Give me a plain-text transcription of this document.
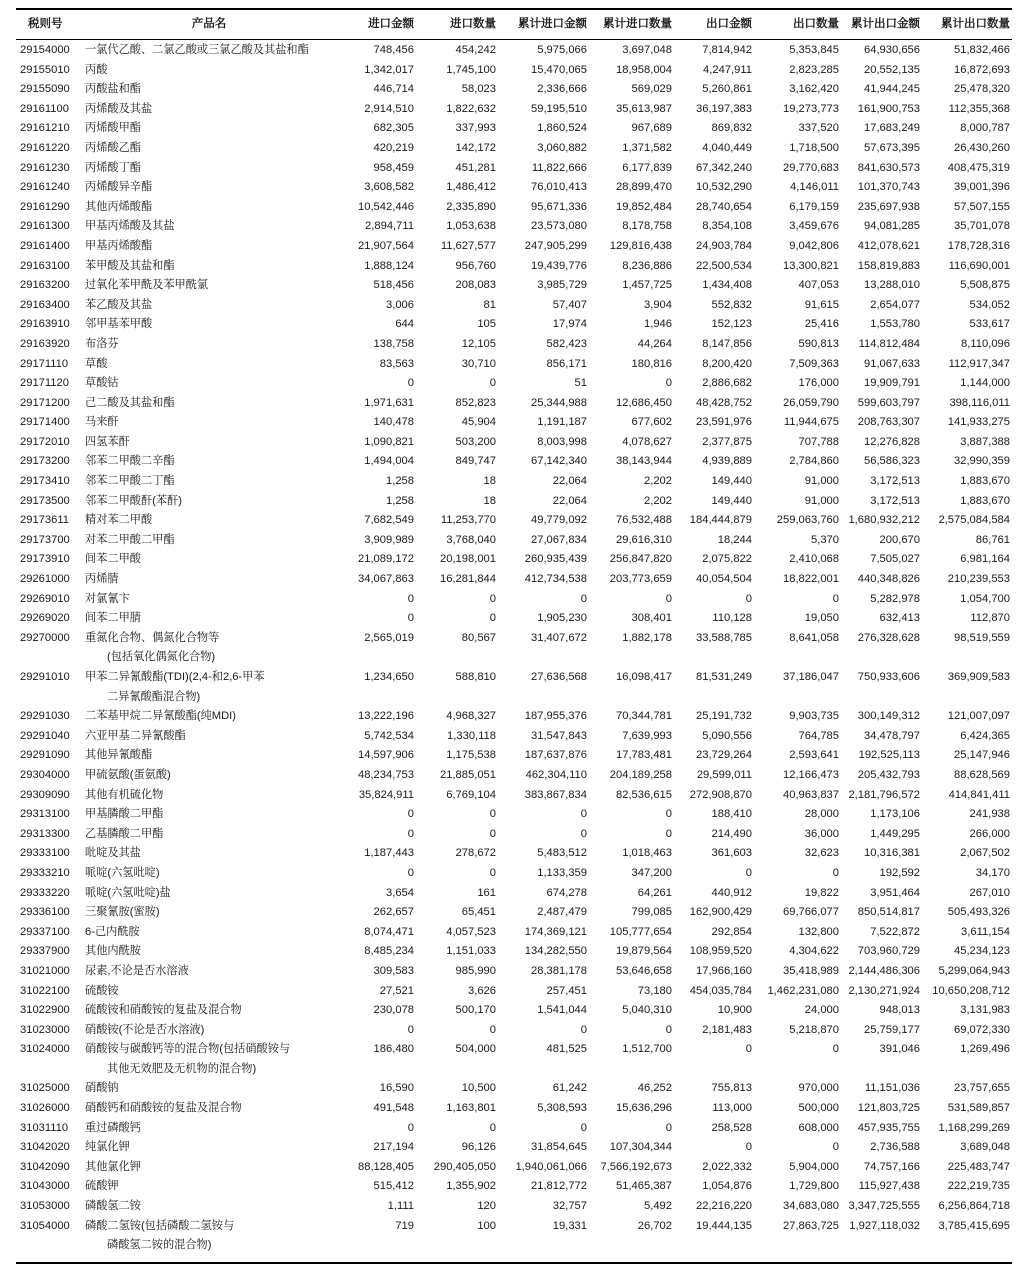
税则号	产品名	进口金额	进口数量	累计进口金额	累计进口数量	出口金额	出口数量	累计出口金额	累计出口数量
29154000	一氯代乙酸、二氯乙酸或三氯乙酸及其盐和酯	748,456	454,242	5,975,066	3,697,048	7,814,942	5,353,845	64,930,656	51,832,466
29155010	丙酸	1,342,017	1,745,100	15,470,065	18,958,004	4,247,911	2,823,285	20,552,135	16,872,693
29155090	丙酸盐和酯	446,714	58,023	2,336,666	569,029	5,260,861	3,162,420	41,944,245	25,478,320
29161100	丙烯酸及其盐	2,914,510	1,822,632	59,195,510	35,613,987	36,197,383	19,273,773	161,900,753	112,355,368
29161210	丙烯酸甲酯	682,305	337,993	1,860,524	967,689	869,832	337,520	17,683,249	8,000,787
29161220	丙烯酸乙酯	420,219	142,172	3,060,882	1,371,582	4,040,449	1,718,500	57,673,395	26,430,260
29161230	丙烯酸丁酯	958,459	451,281	11,822,666	6,177,839	67,342,240	29,770,683	841,630,573	408,475,319
29161240	丙烯酸异辛酯	3,608,582	1,486,412	76,010,413	28,899,470	10,532,290	4,146,011	101,370,743	39,001,396
29161290	其他丙烯酸酯	10,542,446	2,335,890	95,671,336	19,852,484	28,740,654	6,179,159	235,697,938	57,507,155
29161300	甲基丙烯酸及其盐	2,894,711	1,053,638	23,573,080	8,178,758	8,354,108	3,459,676	94,081,285	35,701,078
29161400	甲基丙烯酸酯	21,907,564	11,627,577	247,905,299	129,816,438	24,903,784	9,042,806	412,078,621	178,728,316
29163100	苯甲酸及其盐和酯	1,888,124	956,760	19,439,776	8,236,886	22,500,534	13,300,821	158,819,883	116,690,001
29163200	过氧化苯甲酰及苯甲酰氯	518,456	208,083	3,985,729	1,457,725	1,434,408	407,053	13,288,010	5,508,875
29163400	苯乙酸及其盐	3,006	81	57,407	3,904	552,832	91,615	2,654,077	534,052
29163910	邻甲基苯甲酸	644	105	17,974	1,946	152,123	25,416	1,553,780	533,617
29163920	布洛芬	138,758	12,105	582,423	44,264	8,147,856	590,813	114,812,484	8,110,096
29171110	草酸	83,563	30,710	856,171	180,816	8,200,420	7,509,363	91,067,633	112,917,347
29171120	草酸钴	0	0	51	0	2,886,682	176,000	19,909,791	1,144,000
29171200	己二酸及其盐和酯	1,971,631	852,823	25,344,988	12,686,450	48,428,752	26,059,790	599,603,797	398,116,011
29171400	马来酐	140,478	45,904	1,191,187	677,602	23,591,976	11,944,675	208,763,307	141,933,275
29172010	四氢苯酐	1,090,821	503,200	8,003,998	4,078,627	2,377,875	707,788	12,276,828	3,887,388
29173200	邻苯二甲酸二辛酯	1,494,004	849,747	67,142,340	38,143,944	4,939,889	2,784,860	56,586,323	32,990,359
29173410	邻苯二甲酸二丁酯	1,258	18	22,064	2,202	149,440	91,000	3,172,513	1,883,670
29173500	邻苯二甲酸酐(苯酐)	1,258	18	22,064	2,202	149,440	91,000	3,172,513	1,883,670
29173611	精对苯二甲酸	7,682,549	11,253,770	49,779,092	76,532,488	184,444,879	259,063,760	1,680,932,212	2,575,084,584
29173700	对苯二甲酸二甲酯	3,909,989	3,768,040	27,067,834	29,616,310	18,244	5,370	200,670	86,761
29173910	间苯二甲酸	21,089,172	20,198,001	260,935,439	256,847,820	2,075,822	2,410,068	7,505,027	6,981,164
29261000	丙烯腈	34,067,863	16,281,844	412,734,538	203,773,659	40,054,504	18,822,001	440,348,826	210,239,553
29269010	对氯氰卞	0	0	0	0	0	0	5,282,978	1,054,700
29269020	间苯二甲腈	0	0	1,905,230	308,401	110,128	19,050	632,413	112,870
29270000	重氮化合物、偶氮化合物等
(包括氧化偶氮化合物)	2,565,019	80,567	31,407,672	1,882,178	33,588,785	8,641,058	276,328,628	98,519,559
29291010	甲苯二异氰酸酯(TDI)(2,4-和2,6-甲苯
二异氰酸酯混合物)	1,234,650	588,810	27,636,568	16,098,417	81,531,249	37,186,047	750,933,606	369,909,583
29291030	二苯基甲烷二异氰酸酯(纯MDI)	13,222,196	4,968,327	187,955,376	70,344,781	25,191,732	9,903,735	300,149,312	121,007,097
29291040	六亚甲基二异氰酸酯	5,742,534	1,330,118	31,547,843	7,639,993	5,090,556	764,785	34,478,797	6,424,365
29291090	其他异氰酸酯	14,597,906	1,175,538	187,637,876	17,783,481	23,729,264	2,593,641	192,525,113	25,147,946
29304000	甲硫氨酸(蛋氨酸)	48,234,753	21,885,051	462,304,110	204,189,258	29,599,011	12,166,473	205,432,793	88,628,569
29309090	其他有机硫化物	35,824,911	6,769,104	383,867,834	82,536,615	272,908,870	40,963,837	2,181,796,572	414,841,411
29313100	甲基膦酸二甲酯	0	0	0	0	188,410	28,000	1,173,106	241,938
29313300	乙基膦酸二甲酯	0	0	0	0	214,490	36,000	1,449,295	266,000
29333100	吡啶及其盐	1,187,443	278,672	5,483,512	1,018,463	361,603	32,623	10,316,381	2,067,502
29333210	哌啶(六氢吡啶)	0	0	1,133,359	347,200	0	0	192,592	34,170
29333220	哌啶(六氢吡啶)盐	3,654	161	674,278	64,261	440,912	19,822	3,951,464	267,010
29336100	三聚氰胺(蜜胺)	262,657	65,451	2,487,479	799,085	162,900,429	69,766,077	850,514,817	505,493,326
29337100	6-己内酰胺	8,074,471	4,057,523	174,369,121	105,777,654	292,854	132,800	7,522,872	3,611,154
29337900	其他内酰胺	8,485,234	1,151,033	134,282,550	19,879,564	108,959,520	4,304,622	703,960,729	45,234,123
31021000	尿素,不论是否水溶液	309,583	985,990	28,381,178	53,646,658	17,966,160	35,418,989	2,144,486,306	5,299,064,943
31022100	硫酸铵	27,521	3,626	257,451	73,180	454,035,784	1,462,231,080	2,130,271,924	10,650,208,712
31022900	硫酸铵和硝酸铵的复盐及混合物	230,078	500,170	1,541,044	5,040,310	10,900	24,000	948,013	3,131,983
31023000	硝酸铵(不论是否水溶液)	0	0	0	0	2,181,483	5,218,870	25,759,177	69,072,330
31024000	硝酸铵与碳酸钙等的混合物(包括硝酸铵与
其他无效肥及无机物的混合物)	186,480	504,000	481,525	1,512,700	0	0	391,046	1,269,496
31025000	硝酸钠	16,590	10,500	61,242	46,252	755,813	970,000	11,151,036	23,757,655
31026000	硝酸钙和硝酸铵的复盐及混合物	491,548	1,163,801	5,308,593	15,636,296	113,000	500,000	121,803,725	531,589,857
31031110	重过磷酸钙	0	0	0	0	258,528	608,000	457,935,755	1,168,299,269
31042020	纯氯化钾	217,194	96,126	31,854,645	107,304,344	0	0	2,736,588	3,689,048
31042090	其他氯化钾	88,128,405	290,405,050	1,940,061,066	7,566,192,673	2,022,332	5,904,000	74,757,166	225,483,747
31043000	硫酸钾	515,412	1,355,902	21,812,772	51,465,387	1,054,876	1,729,800	115,927,438	222,219,735
31053000	磷酸氢二铵	1,111	120	32,757	5,492	22,216,220	34,683,080	3,347,725,555	6,256,864,718
31054000	磷酸二氢铵(包括磷酸二氢铵与
磷酸氢二铵的混合物)	719	100	19,331	26,702	19,444,135	27,863,725	1,927,118,032	3,785,415,695
